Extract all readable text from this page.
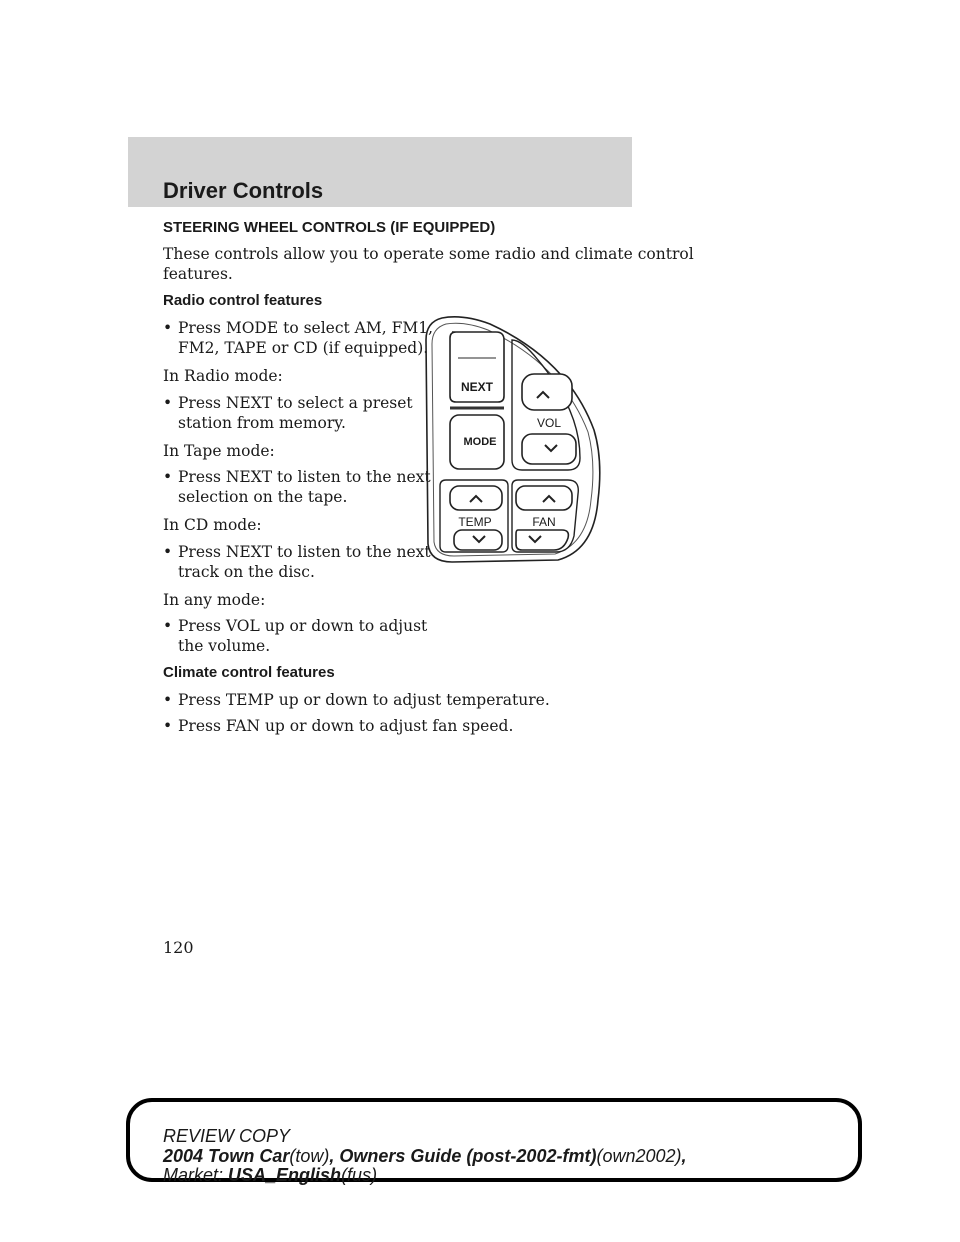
Driver Controls
STEERING WHEEL CONTROLS (IF EQUIPPED)
These controls allow you to operate some radio and climate control
features.
Radio control features
• Press MODE to select AM, FM1,
FM2, TAPE or CD (if equipped).
In Radio mode:
• Press NEXT to select a preset
station from memory.
In Tape mode:
• Press NEXT to listen to the next
selection on the tape.
In CD mode:
• Press NEXT to listen to the next
track on the disc.
In any mode:
• Press VOL up or down to adjust
the volume.
Climate control features
• Press TEMP up or down to adjust temperature.
• Press FAN up or down to adjust fan speed.
NEXT
MODE
VOL
TEMP	FAN
120
REVIEW COPY
2004 Town Car(tow), Owners Guide (post-2002-fmt)(own2002),
Market: USA_English(fus)
